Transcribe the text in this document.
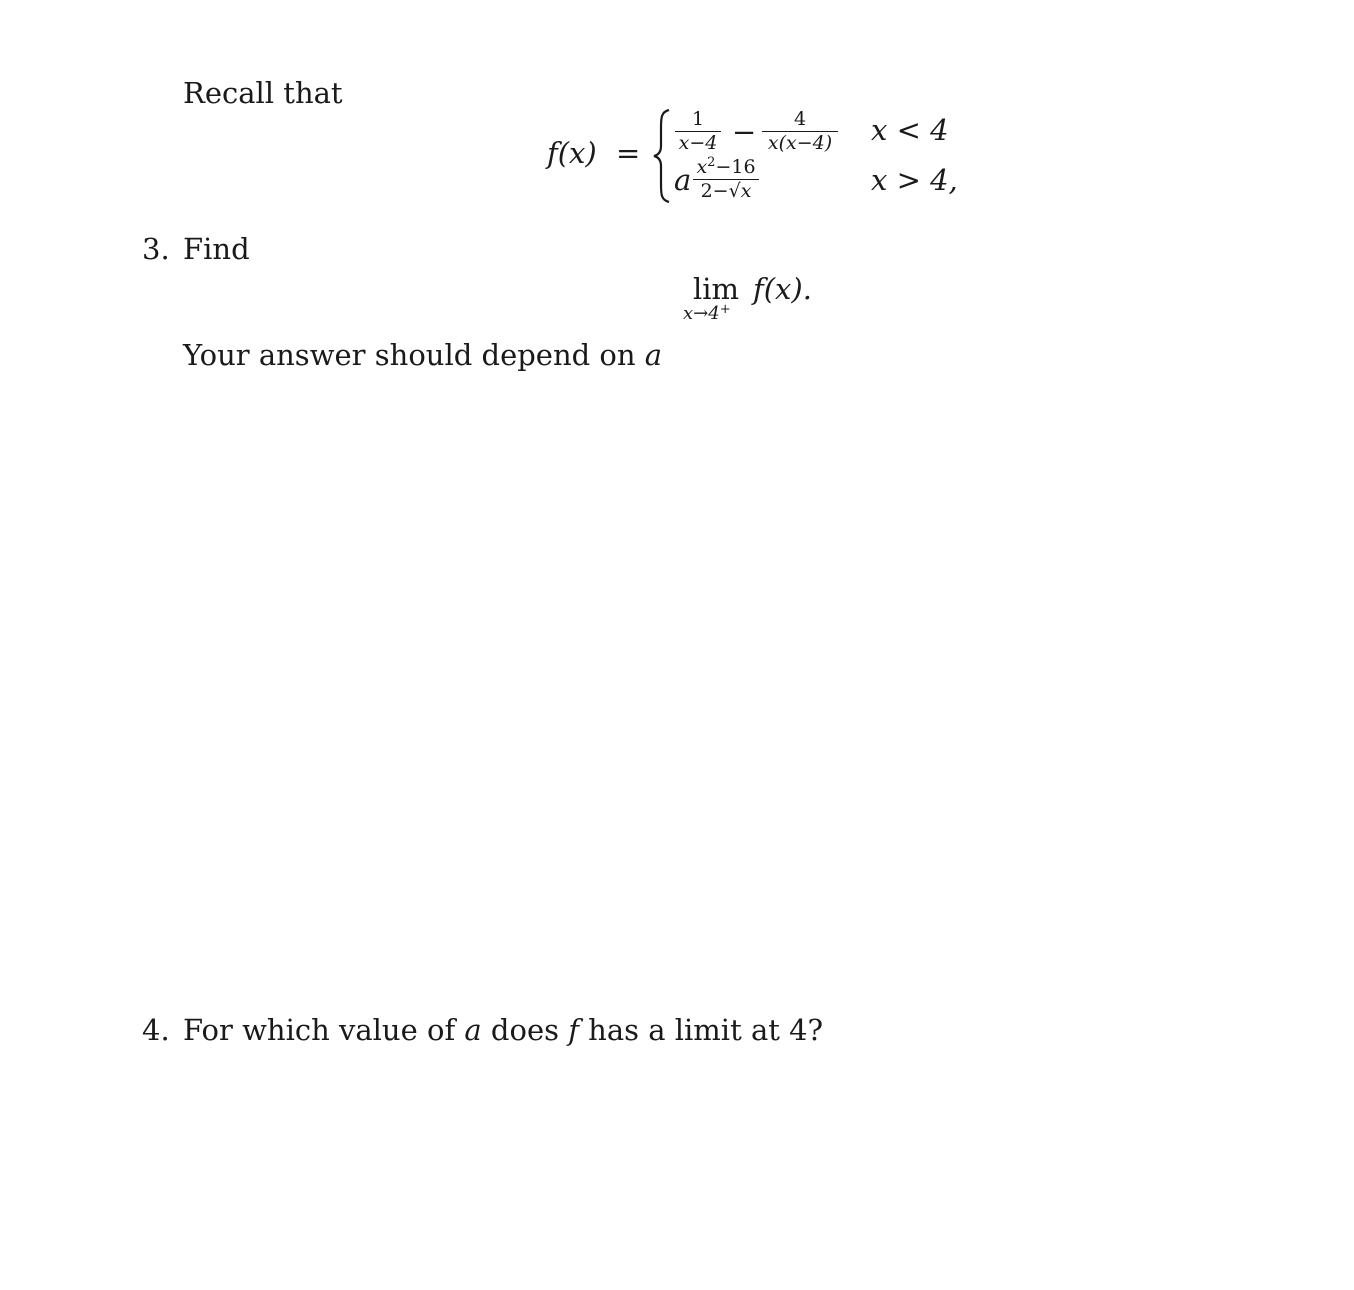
Recall that
f(x) =
1
x−4 −	4
x(x−4) x < 4
a $x^2-16$
2−√x	x > 4,
3. Find
lim
x→4+
f(x).
Your answer should depend on a
4. For which value of a does f has a limit at 4?
